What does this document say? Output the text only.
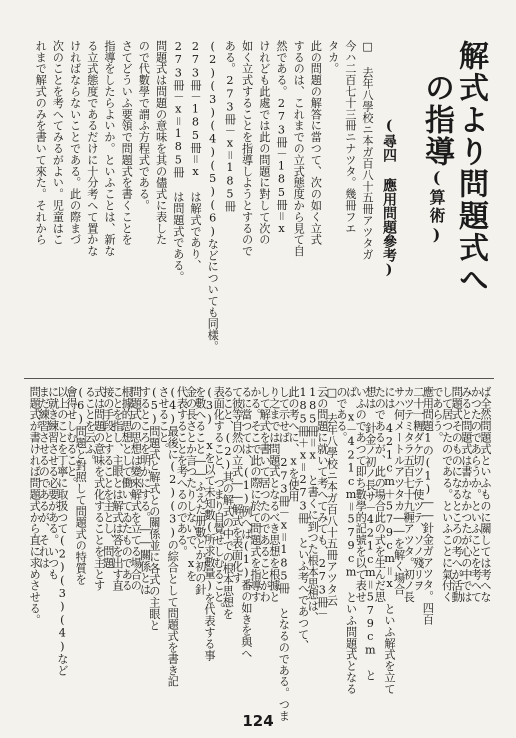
解式より問題式へ
の指導(算術)
(尋四 應用問題參考)
□ 去年八學校ニ本ガ百八十五冊アツタガ
今ハ二百七十三冊ニナツタ。幾冊フエ
タカ。
此の問題の解答に當つて、次の如く立式
するのは、これまでの立式態度から見て自
然である。273冊－185冊＝x
けれども此處では此の問題に對して次の
如く立式することを指導しようとするので
ある。273冊－x＝185冊
(2)(3)(4)(5)(6)などについても同樣。
273冊－185冊＝x は解式であり、
273冊－x＝185冊 は問題式である。
問題式は問題の意味を其の儘式に表した
ので代數學で謂ふ方程式である。
さてどういふ要領で問題式を書くことを
指導をしたらよいか。といふことは、新な
る立式態度であるだけに十分考へて置かな
ければならないことである。此の際まづ
次のことを考へてみるがよい。児童はこ
れまで解式のみを書いて來た。それから
ば全然問題式といふものに關しては考へな
かつたのであらうか。といふことを考へて
みると問題式は書かなかつたが心の中では
問題式そのものになるところの考へが活動
して居つたのである。といふことに氣付く
であらう。
應用問題1の(1)――針金ガアツタ。四百
二十一糎ダケ切ツテ使ツテ、ソノ殘リヲ
カツテミタラ五百七十九糎アツタ。初ノ長
サハ何メートルアツタカ――を解く場合
には 421cm＋579cm＝x といふ解式を立て
たのであるが、此の場合此の式を生んだ思
想は 針金ノ初ノ長サ－421cm＝579cm と
いふのであつて即ち數學的記號を以て表せ
ば x－421cm＝579cm といふ問題式となる
のである。
□ 去年八學校ニ本ガ百八十五冊アツタ云
云の問題に就いて考へてみても、273冊－
185冊＝x と書くに到つた根本思想は、
185冊＋x＝273冊 といふ考へであつて、
此の考へに、xを使用
して示せば 273冊－x＝185冊 となるのである。つま
り之までは問題式となるべき思想を根據と
して解式を書いて居つたのであることがわ
かる。そこで此の際に於て問題式を指導す
るに當つては、(1)例へば(1)番の如きを與へ
て彼等自然の立式――解式を表面化す
ること、(2)其の解式の中での根本思想を
表面化すること、つまり自覺せしむること。
(3) xを以て未知數(所求數量)を代表する事
を數へること――ふえた册數とか初の針
金の長さとか言つたりしないで、xを
代表することを考へるのである。
(4)最後に(2)(3)の綜合として問題式を書き記
させること。
(5)問題式と解式との關係並に各式の主眼と
するところを明かにする。――關係とは
問題式の思想は變來解式を立てる場合の
根據的思想として働いてゐたものである
ことを指し、主眼とは解式は答を出す直
接の手段とすることを主とし、問題
式は問題の意味を式化することを主とす
ることを云ふ。
(6)問題と對照して問題式の特質を
會得せしむること。
以上のことを丁寧に取扱つて(2)(3)(4)など
に就き練習させる必要がある。いつも
まだ練習させるのであるが、それは
問題式が書ければ問題式から直に求めさせる。
124
